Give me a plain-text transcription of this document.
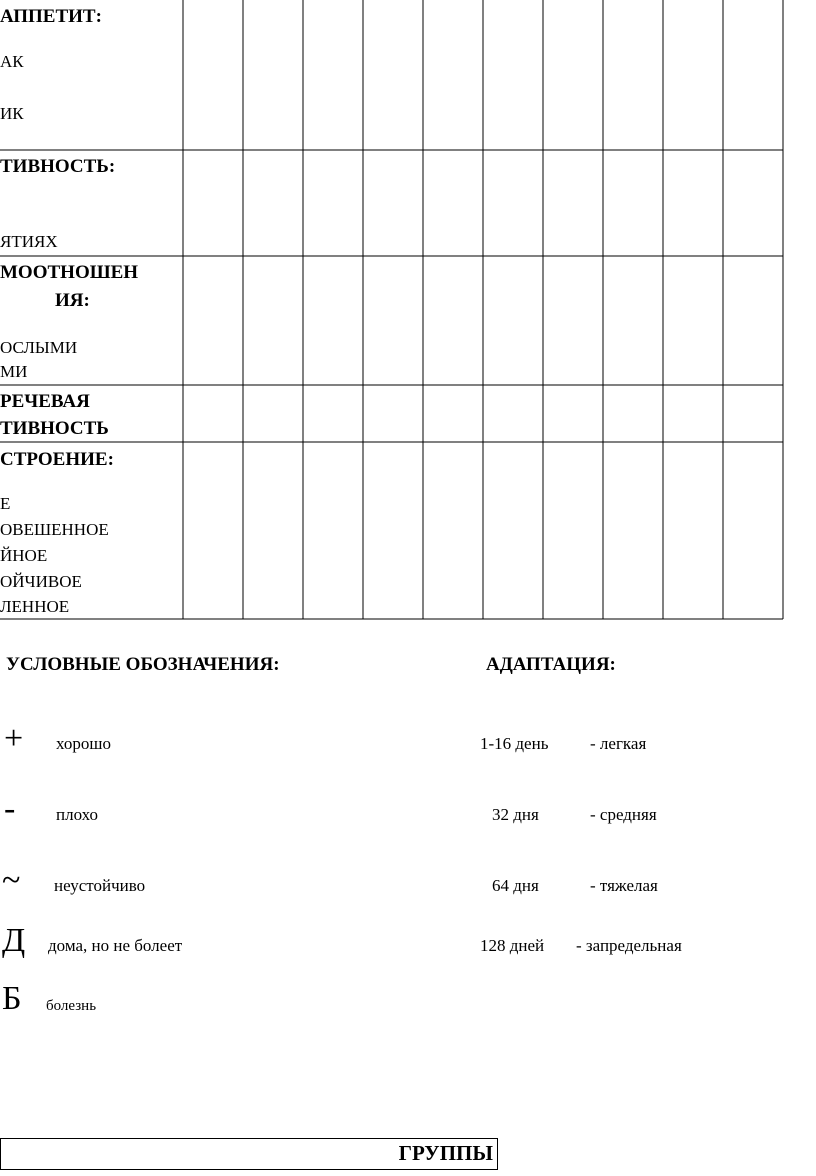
АППЕТИТ:
АК
ИК
ТИВНОСТЬ:
ЯТИЯХ
МООТНОШЕН
ИЯ:
ОСЛЫМИ
МИ
РЕЧЕВАЯ
ТИВНОСТЬ
СТРОЕНИЕ:
Е
ОВЕШЕННОЕ
ЙНОЕ
ОЙЧИВОЕ
ЛЕННОЕ
УСЛОВНЫЕ ОБОЗНАЧЕНИЯ:
+ хорошо
- плохо
~ неустойчиво
Д дома, но не болеет
Б болезнь
АДАПТАЦИЯ:
1-16 день - легкая
32 дня	- средняя
64 дня	- тяжелая
128 дней - запредельная
ГРУППЫ
